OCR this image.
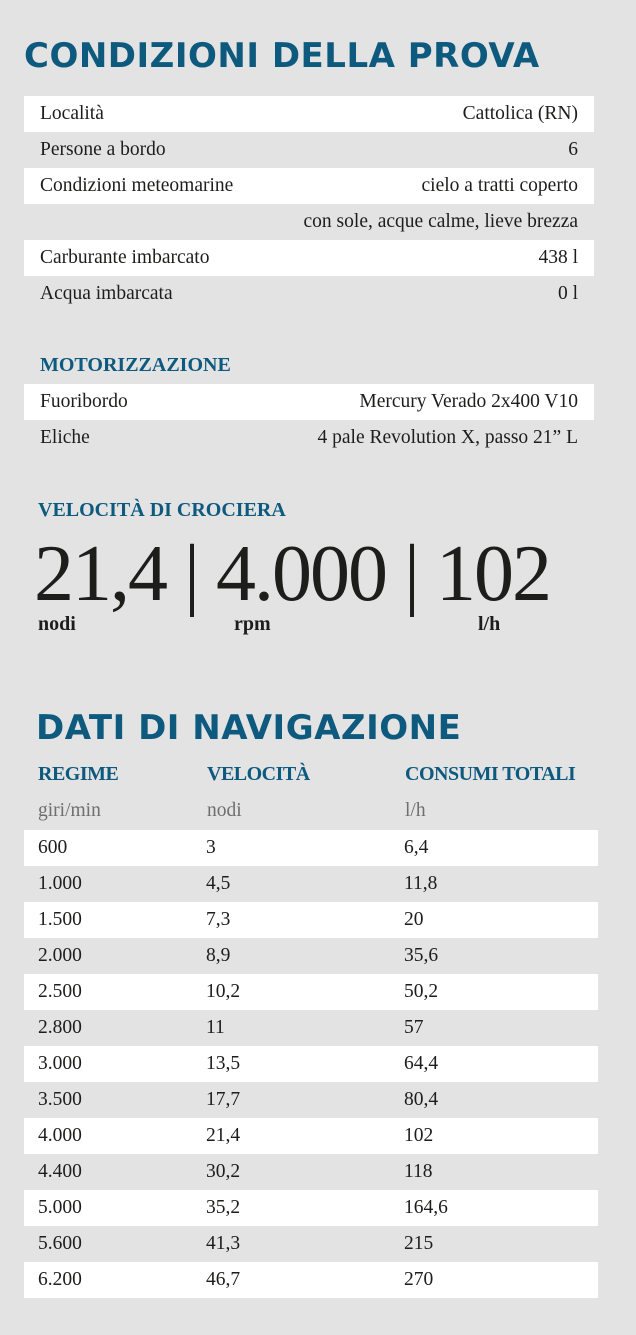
CONDIZIONI DELLA PROVA
Località	Cattolica (RN)
Persone a bordo	6
Condizioni meteomarine	cielo a tratti coperto
con sole, acque calme, lieve brezza
Carburante imbarcato	438 l
Acqua imbarcata	0 l
MOTORIZZAZIONE
Fuoribordo	Mercury Verado 2x400 V10
Eliche	4 pale Revolution X, passo 21” L
VELOCITÀ DI CROCIERA
21,4 | 4.000 | 102
nodi	rpm	l/h
DATI DI NAVIGAZIONE
REGIME	VELOCITÀ	CONSUMI TOTALI
giri/min	nodi	l/h
600	3	6,4
1.000	4,5	11,8
1.500	7,3	20
2.000	8,9	35,6
2.500	10,2	50,2
2.800	11	57
3.000	13,5	64,4
3.500	17,7	80,4
4.000	21,4	102
4.400	30,2	118
5.000	35,2	164,6
5.600	41,3	215
6.200	46,7	270
